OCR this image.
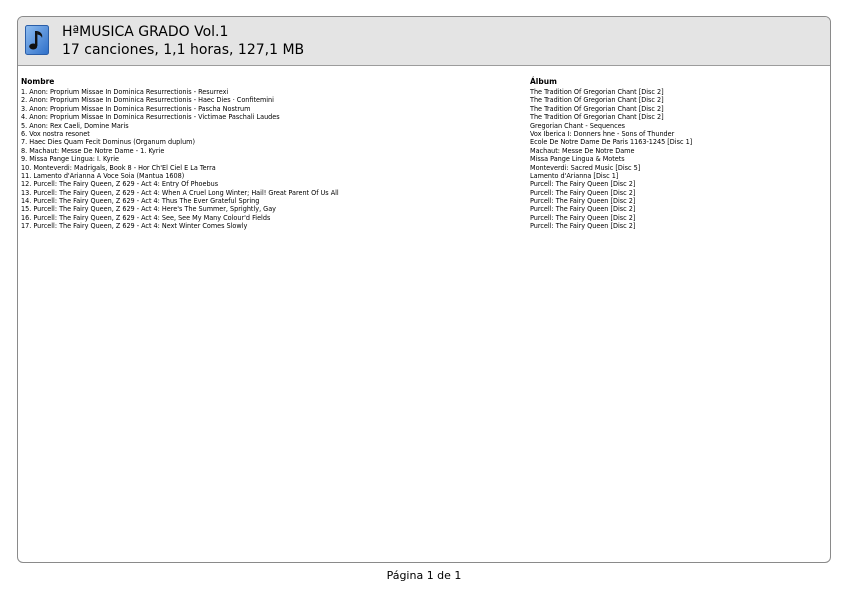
HªMUSICA GRADO Vol.1
17 canciones, 1,1 horas, 127,1 MB
Nombre	Álbum
1. Anon: Proprium Missae In Dominica Resurrectionis - Resurrexi	The Tradition Of Gregorian Chant [Disc 2]
2. Anon: Proprium Missae In Dominica Resurrectionis - Haec Dies · Confitemini	The Tradition Of Gregorian Chant [Disc 2]
3. Anon: Proprium Missae In Dominica Resurrectionis - Pascha Nostrum	The Tradition Of Gregorian Chant [Disc 2]
4. Anon: Proprium Missae In Dominica Resurrectionis - Victimae Paschali Laudes	The Tradition Of Gregorian Chant [Disc 2]
5. Anon: Rex Caeli, Domine Maris	Gregorian Chant - Sequences
6. Vox nostra resonet	Vox Iberica I: Donners hne - Sons of Thunder
7. Haec Dies Quam Fecit Dominus (Organum duplum)	Ecole De Notre Dame De Paris 1163-1245 [Disc 1]
8. Machaut: Messe De Notre Dame - 1. Kyrie	Machaut: Messe De Notre Dame
9. Missa Pange Lingua: I. Kyrie	Missa Pange Lingua & Motets
10. Monteverdi: Madrigals, Book 8 - Hor Ch'El Ciel E La Terra	Monteverdi: Sacred Music [Disc 5]
11. Lamento d'Arianna A Voce Soia (Mantua 1608)	Lamento d'Arianna [Disc 1]
12. Purcell: The Fairy Queen, Z 629 - Act 4: Entry Of Phoebus	Purcell: The Fairy Queen [Disc 2]
13. Purcell: The Fairy Queen, Z 629 - Act 4: When A Cruel Long Winter; Hail! Great Parent Of Us All	Purcell: The Fairy Queen [Disc 2]
14. Purcell: The Fairy Queen, Z 629 - Act 4: Thus The Ever Grateful Spring	Purcell: The Fairy Queen [Disc 2]
15. Purcell: The Fairy Queen, Z 629 - Act 4: Here's The Summer, Sprightly, Gay	Purcell: The Fairy Queen [Disc 2]
16. Purcell: The Fairy Queen, Z 629 - Act 4: See, See My Many Colour'd Fields	Purcell: The Fairy Queen [Disc 2]
17. Purcell: The Fairy Queen, Z 629 - Act 4: Next Winter Comes Slowly	Purcell: The Fairy Queen [Disc 2]
Página 1 de 1
